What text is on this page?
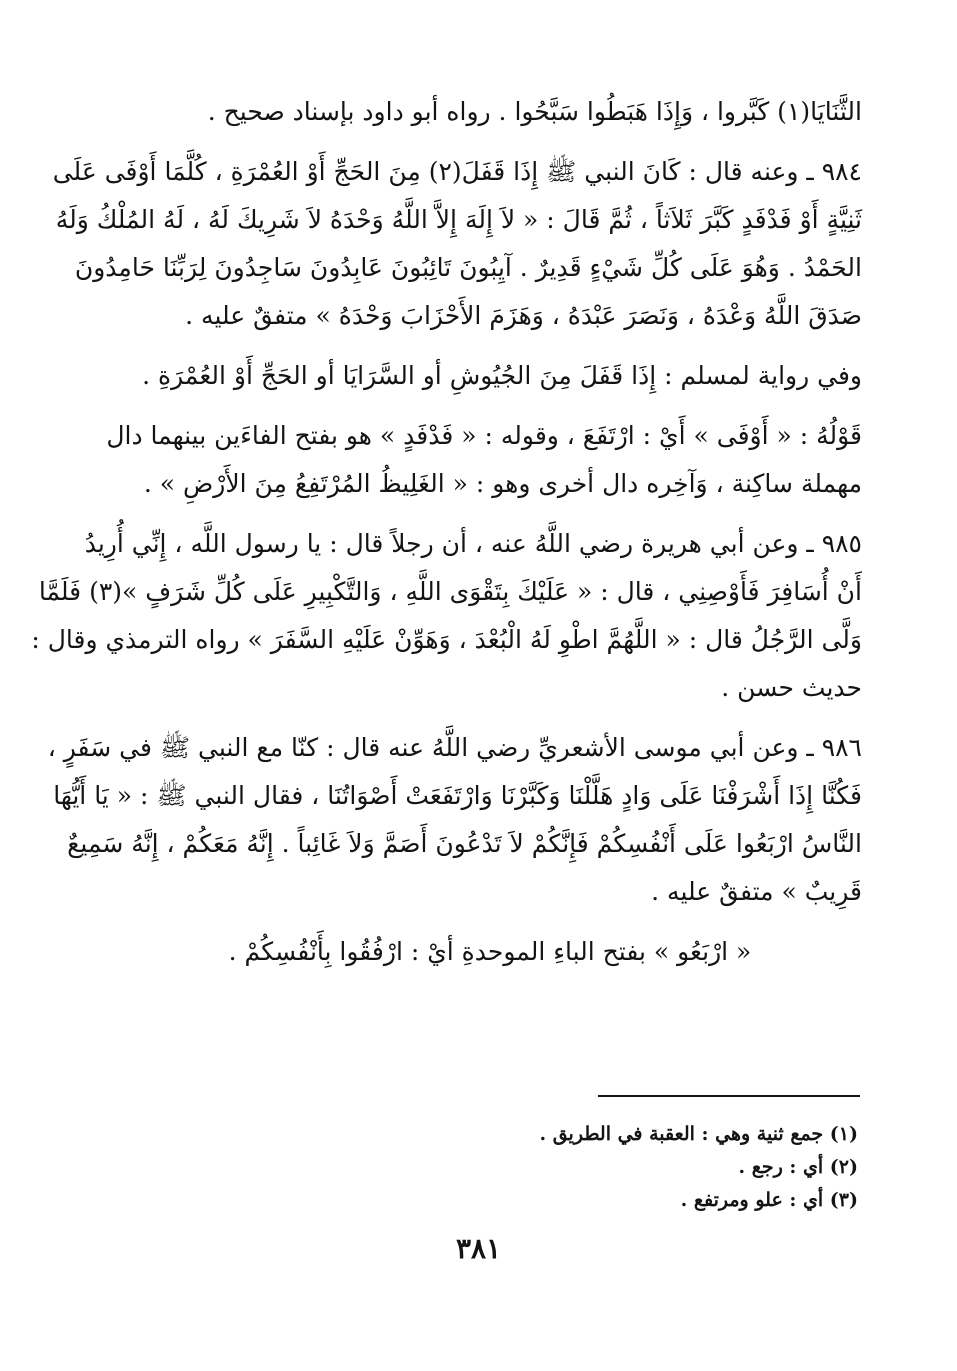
الثَّنَايَا(١) كَبَّروا ، وَإِذَا هَبَطُوا سَبَّحُوا . رواه أبو داود بإسناد صحيح .
٩٨٤ ـ وعنه قال : كَانَ النبي ﷺ إِذَا قَفَلَ(٢) مِنَ الحَجِّ أَوْ العُمْرَةِ ، كُلَّمَا أَوْفَى عَلَى
ثَنِيَّةٍ أَوْ فَدْفَدٍ كَبَّرَ ثَلاَثاً ، ثُمَّ قَالَ : « لاَ إِلَهَ إِلاَّ اللَّهُ وَحْدَهُ لاَ شَرِيكَ لَهُ ، لَهُ المُلْكُ وَلَهُ
الحَمْدُ . وَهُوَ عَلَى كُلِّ شَيْءٍ قَدِيرٌ . آيِبُونَ تَائِبُونَ عَابِدُونَ سَاجِدُونَ لِرَبِّنَا حَامِدُونَ
صَدَقَ اللَّهُ وَعْدَهُ ، وَنَصَرَ عَبْدَهُ ، وَهَزَمَ الأَحْزَابَ وَحْدَهُ » متفقٌ عليه .
وفي رواية لمسلم : إِذَا قَفَلَ مِنَ الجُيُوشِ أو السَّرَايَا أو الحَجِّ أَوْ العُمْرَةِ .
قَوْلُهُ : « أَوْفَى » أَيْ : ارْتَفَعَ ، وقوله : « فَدْفَدٍ » هو بفتح الفاءَين بينهما دال
مهملة ساكِنة ، وَآخِره دال أخرى وهو : « الغَلِيظُ المُرْتَفِعُ مِنَ الأَرْضِ » .
٩٨٥ ـ وعن أبي هريرة رضي اللَّهُ عنه ، أن رجلاً قال : يا رسول اللَّه ، إِنِّي أُرِيدُ
أَنْ أُسَافِرَ فَأَوْصِنِي ، قال : « عَلَيْكَ بِتَقْوَى اللَّهِ ، وَالتَّكْبِيرِ عَلَى كُلِّ شَرَفٍ »(٣) فَلَمَّا
وَلَّى الرَّجُلُ قال : « اللَّهُمَّ اطْوِ لَهُ الْبُعْدَ ، وَهَوِّنْ عَلَيْهِ السَّفَرَ » رواه الترمذي وقال :
حديث حسن .
٩٨٦ ـ وعن أبي موسى الأشعريِّ رضي اللَّهُ عنه قال : كنّا مع النبي ﷺ في سَفَرٍ ،
فَكُنَّا إِذَا أَشْرَفْنَا عَلَى وَادٍ هَلَّلْنَا وَكَبَّرْنَا وَارْتَفَعَتْ أَصْوَاتُنَا ، فقال النبي ﷺ : « يَا أَيُّهَا
النَّاسُ ارْبَعُوا عَلَى أَنْفُسِكُمْ فَإِنَّكُمْ لاَ تَدْعُونَ أَصَمَّ وَلاَ غَائِباً . إِنَّهُ مَعَكُمْ ، إِنَّهُ سَمِيعٌ
قَرِيبٌ » متفقٌ عليه .
« ارْبَعُو » بفتح الباءِ الموحدةِ أيْ : ارْفُقُوا بِأَنْفُسِكُمْ .
(١) جمع ثنية وهي : العقبة في الطريق .
(٢) أي : رجع .
(٣) أي : علو ومرتفع .
٣٨١
